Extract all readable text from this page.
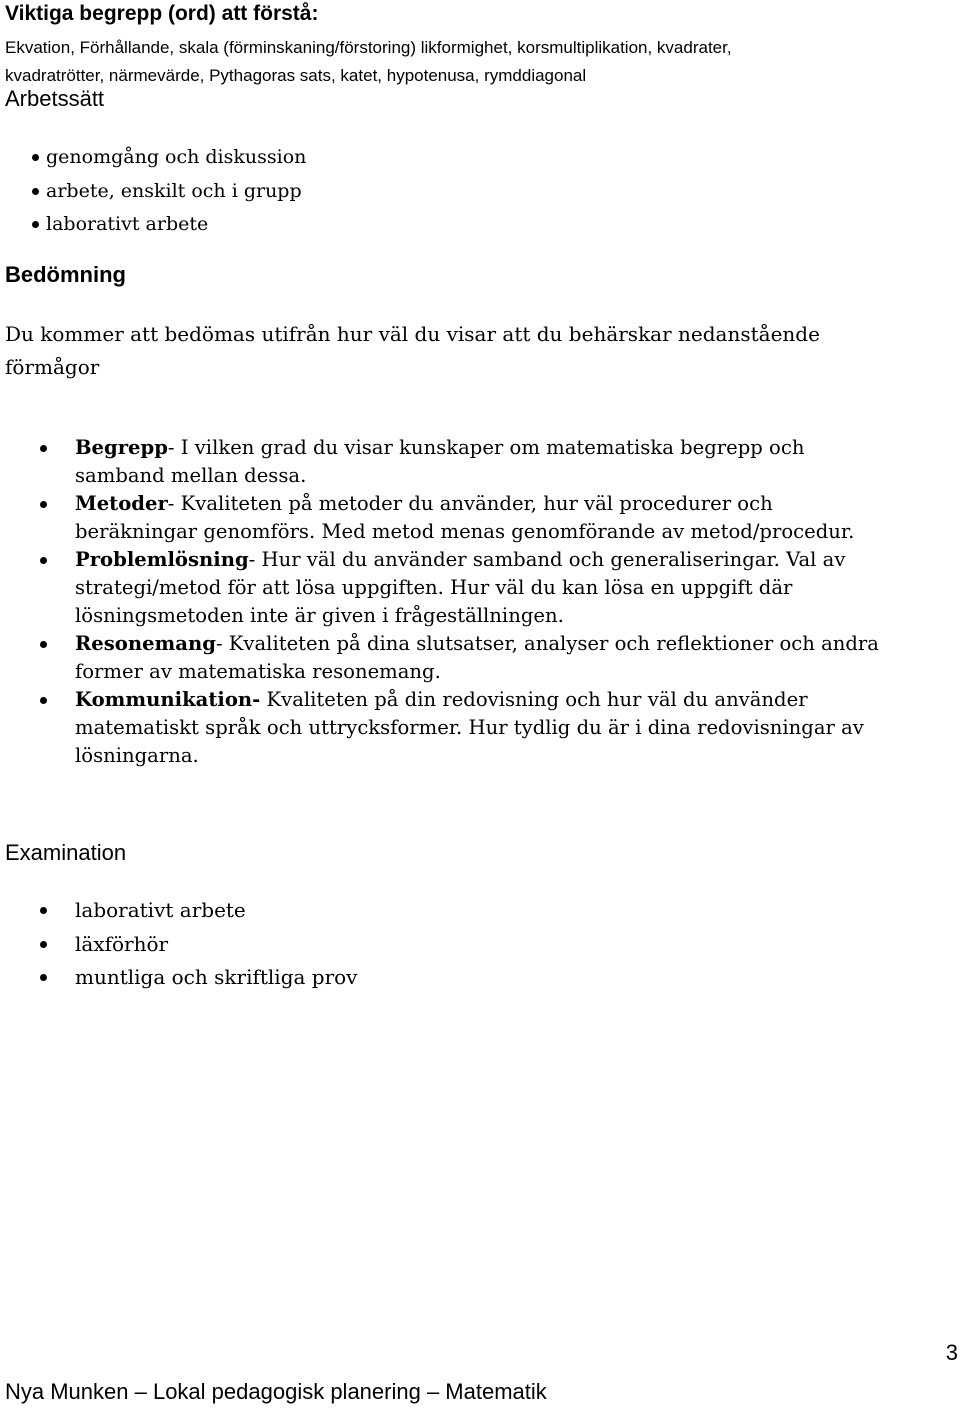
Viktiga begrepp (ord) att förstå:
Ekvation, Förhållande, skala (förminskaning/förstoring) likformighet, korsmultiplikation, kvadrater,
kvadratrötter, närmevärde, Pythagoras sats, katet, hypotenusa, rymddiagonal
Arbetssätt
genomgång och diskussion
arbete, enskilt och i grupp
laborativt arbete
Bedömning

Du kommer att bedömas utifrån hur väl du visar att du behärskar nedanstående förmågor

Begrepp- I vilken grad du visar kunskaper om matematiska begrepp och samband mellan dessa.
Metoder- Kvaliteten på metoder du använder, hur väl procedurer och beräkningar genomförs. Med metod menas genomförande av metod/procedur.
Problemlösning- Hur väl du använder samband och generaliseringar. Val av strategi/metod för att lösa uppgiften. Hur väl du kan lösa en uppgift där lösningsmetoden inte är given i frågeställningen.
Resonemang- Kvaliteten på dina slutsatser, analyser och reflektioner och andra former av matematiska resonemang.
Kommunikation- Kvaliteten på din redovisning och hur väl du använder matematiskt språk och uttrycksformer. Hur tydlig du är i dina redovisningar av lösningarna.
Examination
laborativt arbete
läxförhör
muntliga och skriftliga prov
3
Nya Munken – Lokal pedagogisk planering – Matematik
